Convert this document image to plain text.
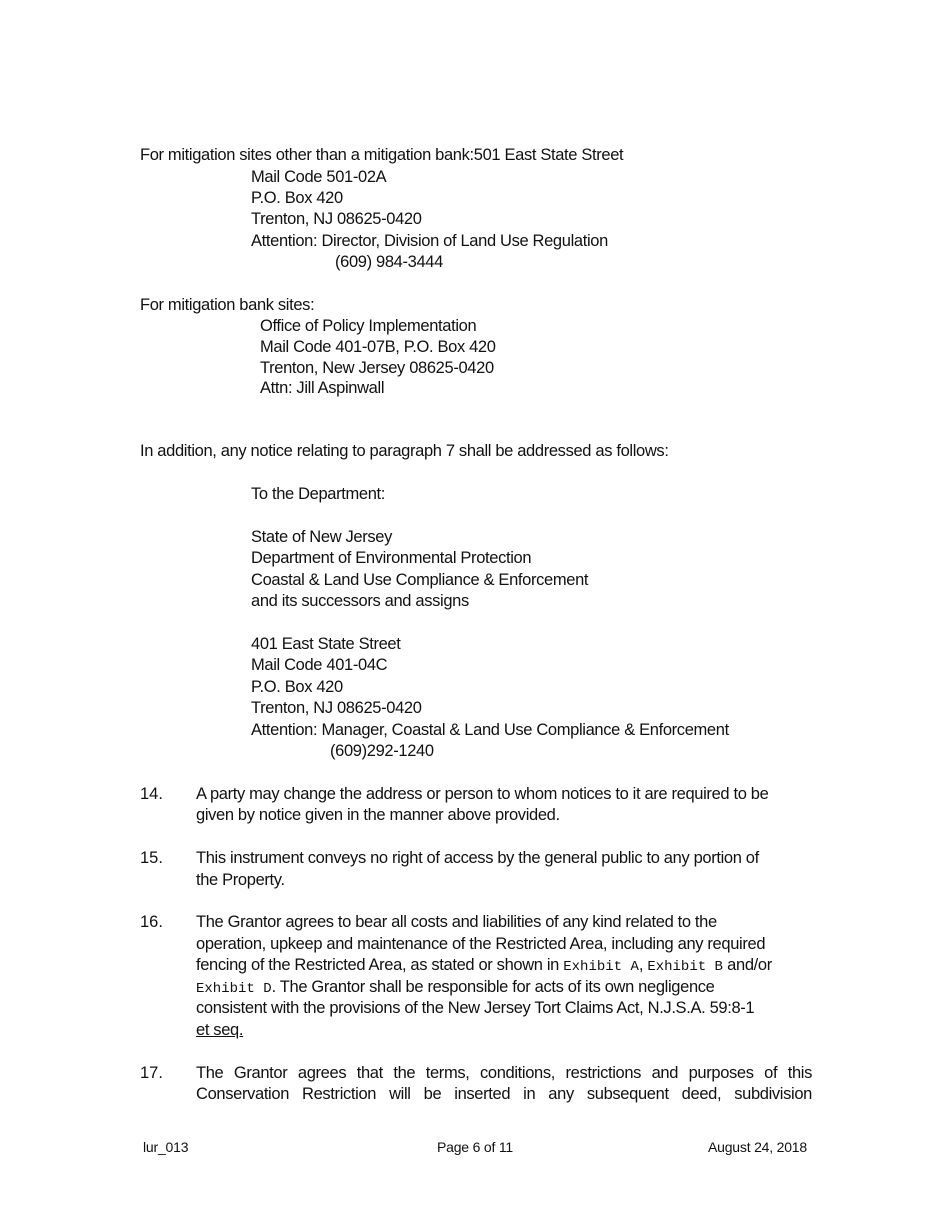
For mitigation sites other than a mitigation bank:501 East State Street
Mail Code 501-02A
P.O. Box 420
Trenton, NJ 08625-0420
Attention: Director, Division of Land Use Regulation
(609) 984-3444
For mitigation bank sites:
Office of Policy Implementation
Mail Code 401-07B, P.O. Box 420
Trenton, New Jersey 08625-0420
Attn: Jill Aspinwall
In addition, any notice relating to paragraph 7 shall be addressed as follows:
To the Department:
State of New Jersey
Department of Environmental Protection
Coastal & Land Use Compliance & Enforcement
and its successors and assigns
401 East State Street
Mail Code 401-04C
P.O. Box 420
Trenton, NJ 08625-0420
Attention: Manager, Coastal & Land Use Compliance & Enforcement
(609)292-1240
14. A party may change the address or person to whom notices to it are required to be
given by notice given in the manner above provided.
15. This instrument conveys no right of access by the general public to any portion of
the Property.
16. The Grantor agrees to bear all costs and liabilities of any kind related to the
operation, upkeep and maintenance of the Restricted Area, including any required
fencing of the Restricted Area, as stated or shown in Exhibit A, Exhibit B and/or
Exhibit D. The Grantor shall be responsible for acts of its own negligence
consistent with the provisions of the New Jersey Tort Claims Act, N.J.S.A. 59:8-1
et seq.
17. The Grantor agrees that the terms, conditions, restrictions and purposes of this
Conservation Restriction will be inserted in any subsequent deed, subdivision
lur_013	Page 6 of 11	August 24, 2018
